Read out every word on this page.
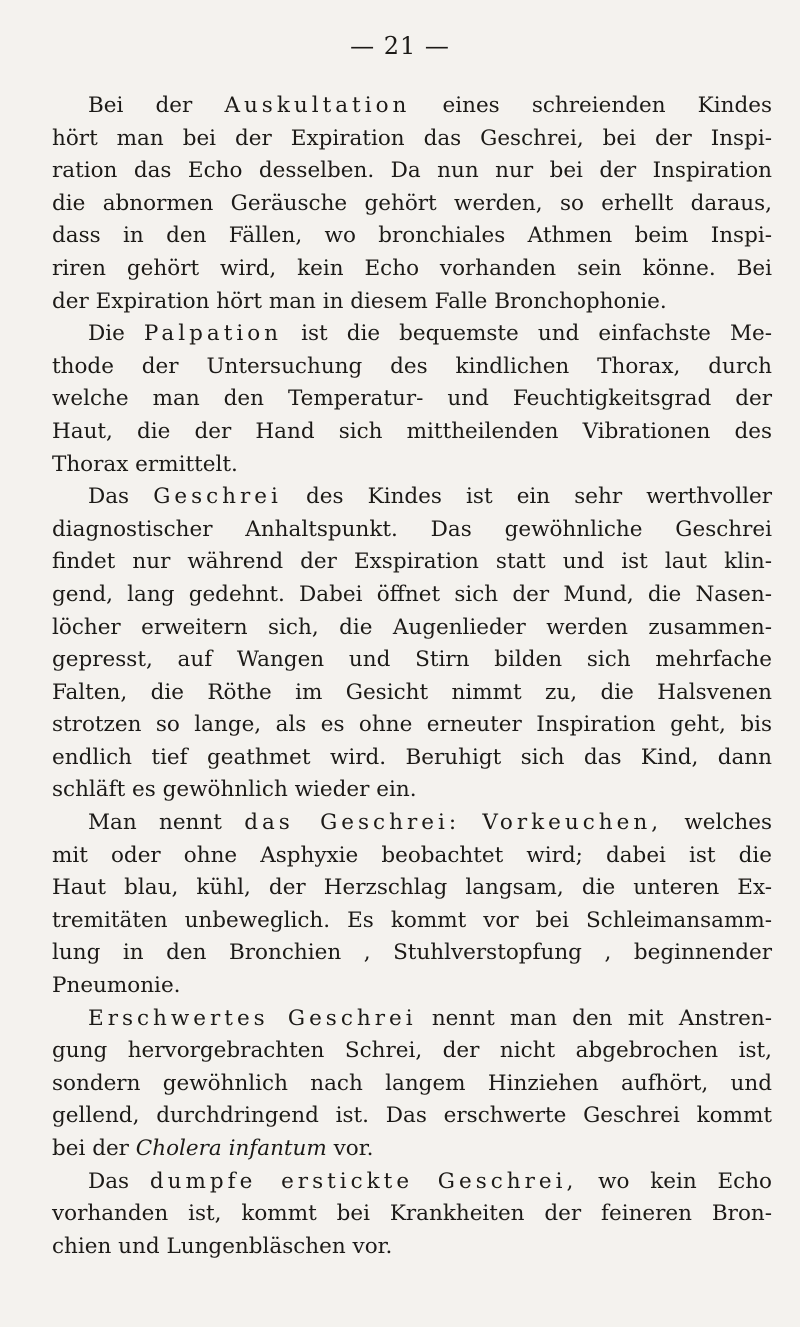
— 21 —
Bei der Auskultation eines schreienden Kindes
hört man bei der Expiration das Geschrei, bei der Inspi-
ration das Echo desselben. Da nun nur bei der Inspiration
die abnormen Geräusche gehört werden, so erhellt daraus,
dass in den Fällen, wo bronchiales Athmen beim Inspi-
riren gehört wird, kein Echo vorhanden sein könne. Bei
der Expiration hört man in diesem Falle Bronchophonie.
Die Palpation ist die bequemste und einfachste Me-
thode der Untersuchung des kindlichen Thorax, durch
welche man den Temperatur- und Feuchtigkeitsgrad der
Haut, die der Hand sich mittheilenden Vibrationen des
Thorax ermittelt.
Das Geschrei des Kindes ist ein sehr werthvoller
diagnostischer Anhaltspunkt. Das gewöhnliche Geschrei
findet nur während der Exspiration statt und ist laut klin-
gend, lang gedehnt. Dabei öffnet sich der Mund, die Nasen-
löcher erweitern sich, die Augenlieder werden zusammen-
gepresst, auf Wangen und Stirn bilden sich mehrfache
Falten, die Röthe im Gesicht nimmt zu, die Halsvenen
strotzen so lange, als es ohne erneuter Inspiration geht, bis
endlich tief geathmet wird. Beruhigt sich das Kind, dann
schläft es gewöhnlich wieder ein.
Man nennt das Geschrei: Vorkeuchen, welches
mit oder ohne Asphyxie beobachtet wird; dabei ist die
Haut blau, kühl, der Herzschlag langsam, die unteren Ex-
tremitäten unbeweglich. Es kommt vor bei Schleimansamm-
lung in den Bronchien , Stuhlverstopfung , beginnender
Pneumonie.
Erschwertes Geschrei nennt man den mit Anstren-
gung hervorgebrachten Schrei, der nicht abgebrochen ist,
sondern gewöhnlich nach langem Hinziehen aufhört, und
gellend, durchdringend ist. Das erschwerte Geschrei kommt
bei der Cholera infantum vor.
Das dumpfe erstickte Geschrei, wo kein Echo
vorhanden ist, kommt bei Krankheiten der feineren Bron-
chien und Lungenbläschen vor.
